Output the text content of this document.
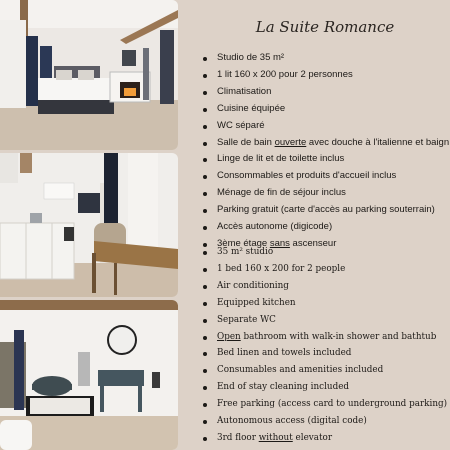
La Suite Romance
Studio de 35 m²
1 lit 160 x 200 pour 2 personnes
Climatisation
Cuisine équipée
WC séparé
Salle de bain ouverte avec douche à l'italienne et baign
Linge de lit et de toilette inclus
Consommables et produits d'accueil inclus
Ménage de fin de séjour inclus
Parking gratuit (carte d'accès au parking souterrain)
Accès autonome (digicode)
3ème étage sans ascenseur
35 m² studio
1 bed 160 x 200 for 2 people
Air conditioning
Equipped kitchen
Separate WC
Open bathroom with walk-in shower and bathtub
Bed linen and towels included
Consumables and amenities included
End of stay cleaning included
Free parking (access card to underground parking)
Autonomous access (digital code)
3rd floor without elevator
